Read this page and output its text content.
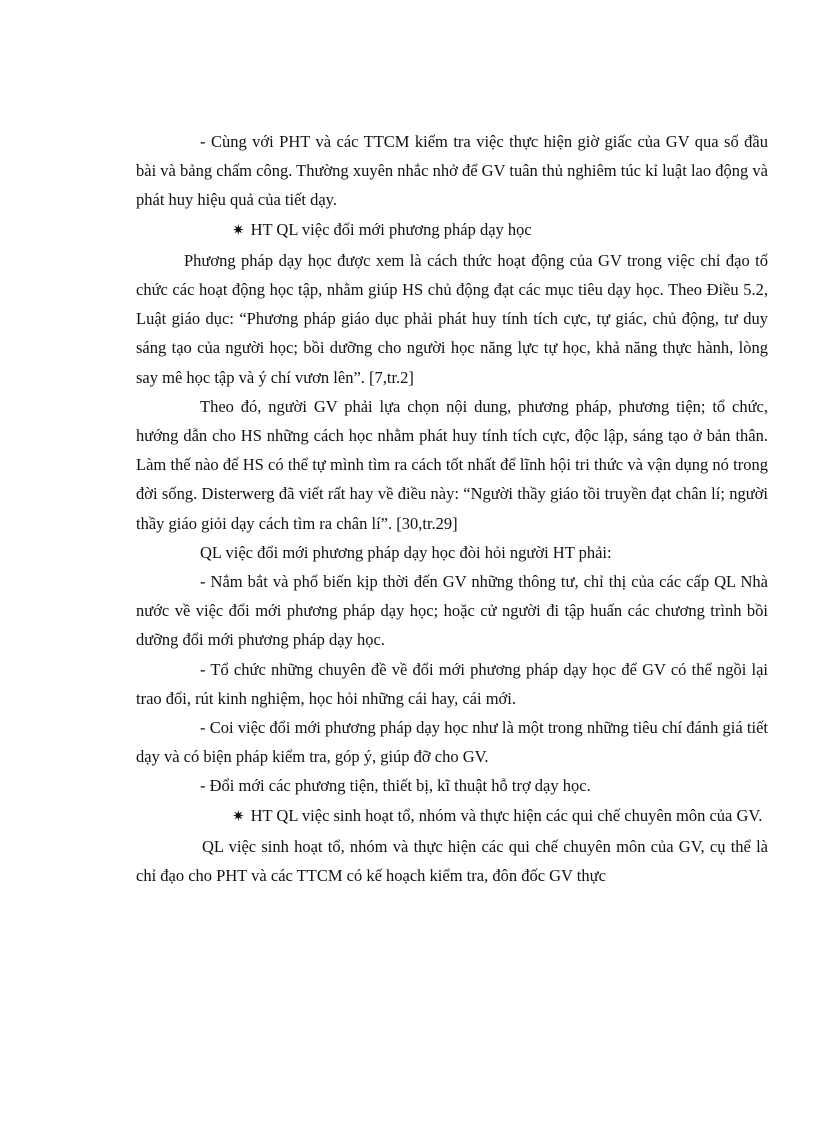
- Cùng với PHT và các TTCM kiểm tra việc thực hiện giờ giấc của GV qua sổ đầu bài và bảng chấm công. Thường xuyên nhắc nhở để GV tuân thủ nghiêm túc kỉ luật lao động và phát huy hiệu quả của tiết dạy.

✷ HT QL việc đổi mới phương pháp dạy học

Phương pháp dạy học được xem là cách thức hoạt động của GV trong việc chỉ đạo tổ chức các hoạt động học tập, nhằm giúp HS chủ động đạt các mục tiêu dạy học. Theo Điều 5.2, Luật giáo dục: “Phương pháp giáo dục phải phát huy tính tích cực, tự giác, chủ động, tư duy sáng tạo của người học; bồi dưỡng cho người học năng lực tự học, khả năng thực hành, lòng say mê học tập và ý chí vươn lên”. [7,tr.2]

Theo đó, người GV phải lựa chọn nội dung, phương pháp, phương tiện; tổ chức, hướng dẫn cho HS những cách học nhằm phát huy tính tích cực, độc lập, sáng tạo ở bản thân. Làm thế nào để HS có thể tự mình tìm ra cách tốt nhất để lĩnh hội tri thức và vận dụng nó trong đời sống. Disterwerg đã viết rất hay về điều này: “Người thầy giáo tồi truyền đạt chân lí; người thầy giáo giỏi dạy cách tìm ra chân lí”. [30,tr.29]

QL việc đổi mới phương pháp dạy học đòi hỏi người HT phải:

- Nắm bắt và phổ biến kịp thời đến GV những thông tư, chỉ thị của các cấp QL Nhà nước về việc đổi mới phương pháp dạy học; hoặc cử người đi tập huấn các chương trình bồi dưỡng đổi mới phương pháp dạy học.

- Tổ chức những chuyên đề về đổi mới phương pháp dạy học để GV có thể ngồi lại trao đổi, rút kinh nghiệm, học hỏi những cái hay, cái mới.

- Coi việc đổi mới phương pháp dạy học như là một trong những tiêu chí đánh giá tiết dạy và có biện pháp kiểm tra, góp ý, giúp đỡ cho GV.

- Đổi mới các phương tiện, thiết bị, kĩ thuật hỗ trợ dạy học.

✷ HT QL việc sinh hoạt tổ, nhóm và thực hiện các qui chế chuyên môn của GV.

QL việc sinh hoạt tổ, nhóm và thực hiện các qui chế chuyên môn của GV, cụ thể là chỉ đạo cho PHT và các TTCM có kế hoạch kiểm tra, đôn đốc GV thực
